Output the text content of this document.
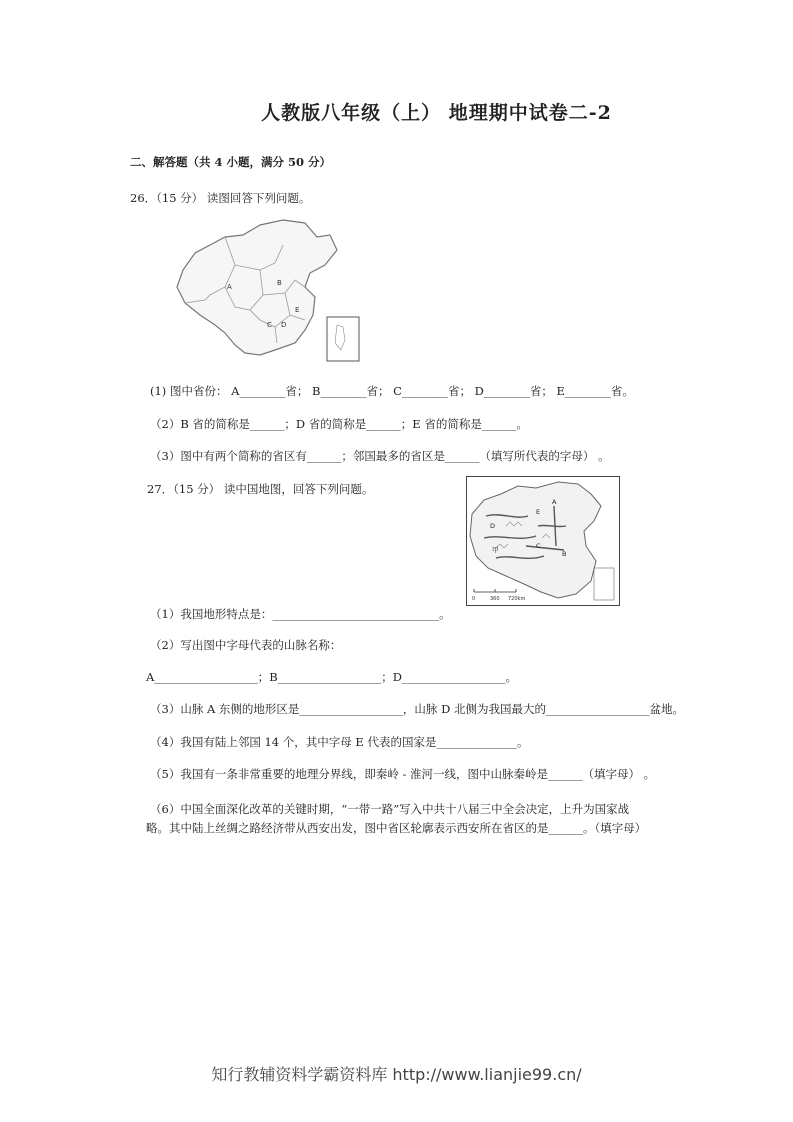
人教版八年级（上） 地理期中试卷二-2
二、解答题（共 4 小题，满分 50 分）
26．（15 分） 读图回答下列问题。
A	B
C D
E
(1) 图中省份： A________省； B________省； C________省； D________省； E________省。
（2）B 省的简称是______；D 省的简称是______；E 省的简称是______。
（3）图中有两个简称的省区有______；邻国最多的省区是______（填写所代表的字母） 。
27．（15 分） 读中国地图，回答下列问题。
A
B
C
D
E
甲
0	360 720km
（1）我国地形特点是：_____________________________。
（2）写出图中字母代表的山脉名称：
A__________________；B__________________；D__________________。
（3）山脉 A 东侧的地形区是__________________，山脉 D 北侧为我国最大的__________________盆地。
（4）我国有陆上邻国 14 个，其中字母 E 代表的国家是______________。
（5）我国有一条非常重要的地理分界线，即秦岭 - 淮河一线，图中山脉秦岭是______（填字母） 。
（6）中国全面深化改革的关键时期，“一带一路”写入中共十八届三中全会决定，上升为国家战
略。其中陆上丝绸之路经济带从西安出发，图中省区轮廓表示西安所在省区的是______。（填字母）
知行教辅资料学霸资料库 http://www.lianjie99.cn/
